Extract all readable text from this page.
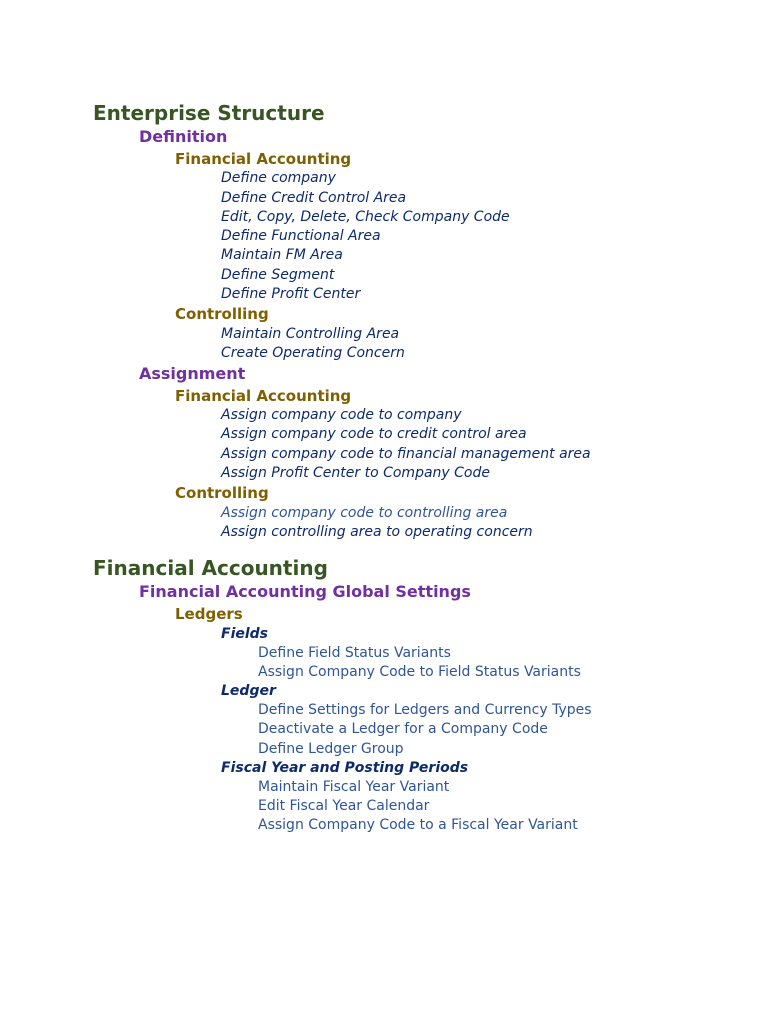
Enterprise Structure
Definition
Financial Accounting
Define company
Define Credit Control Area
Edit, Copy, Delete, Check Company Code
Define Functional Area
Maintain FM Area
Define Segment
Define Profit Center
Controlling
Maintain Controlling Area
Create Operating Concern
Assignment
Financial Accounting
Assign company code to company
Assign company code to credit control area
Assign company code to financial management area
Assign Profit Center to Company Code
Controlling
Assign company code to controlling area
Assign controlling area to operating concern
Financial Accounting
Financial Accounting Global Settings
Ledgers
Fields
Define Field Status Variants
Assign Company Code to Field Status Variants
Ledger
Define Settings for Ledgers and Currency Types
Deactivate a Ledger for a Company Code
Define Ledger Group
Fiscal Year and Posting Periods
Maintain Fiscal Year Variant
Edit Fiscal Year Calendar
Assign Company Code to a Fiscal Year Variant
